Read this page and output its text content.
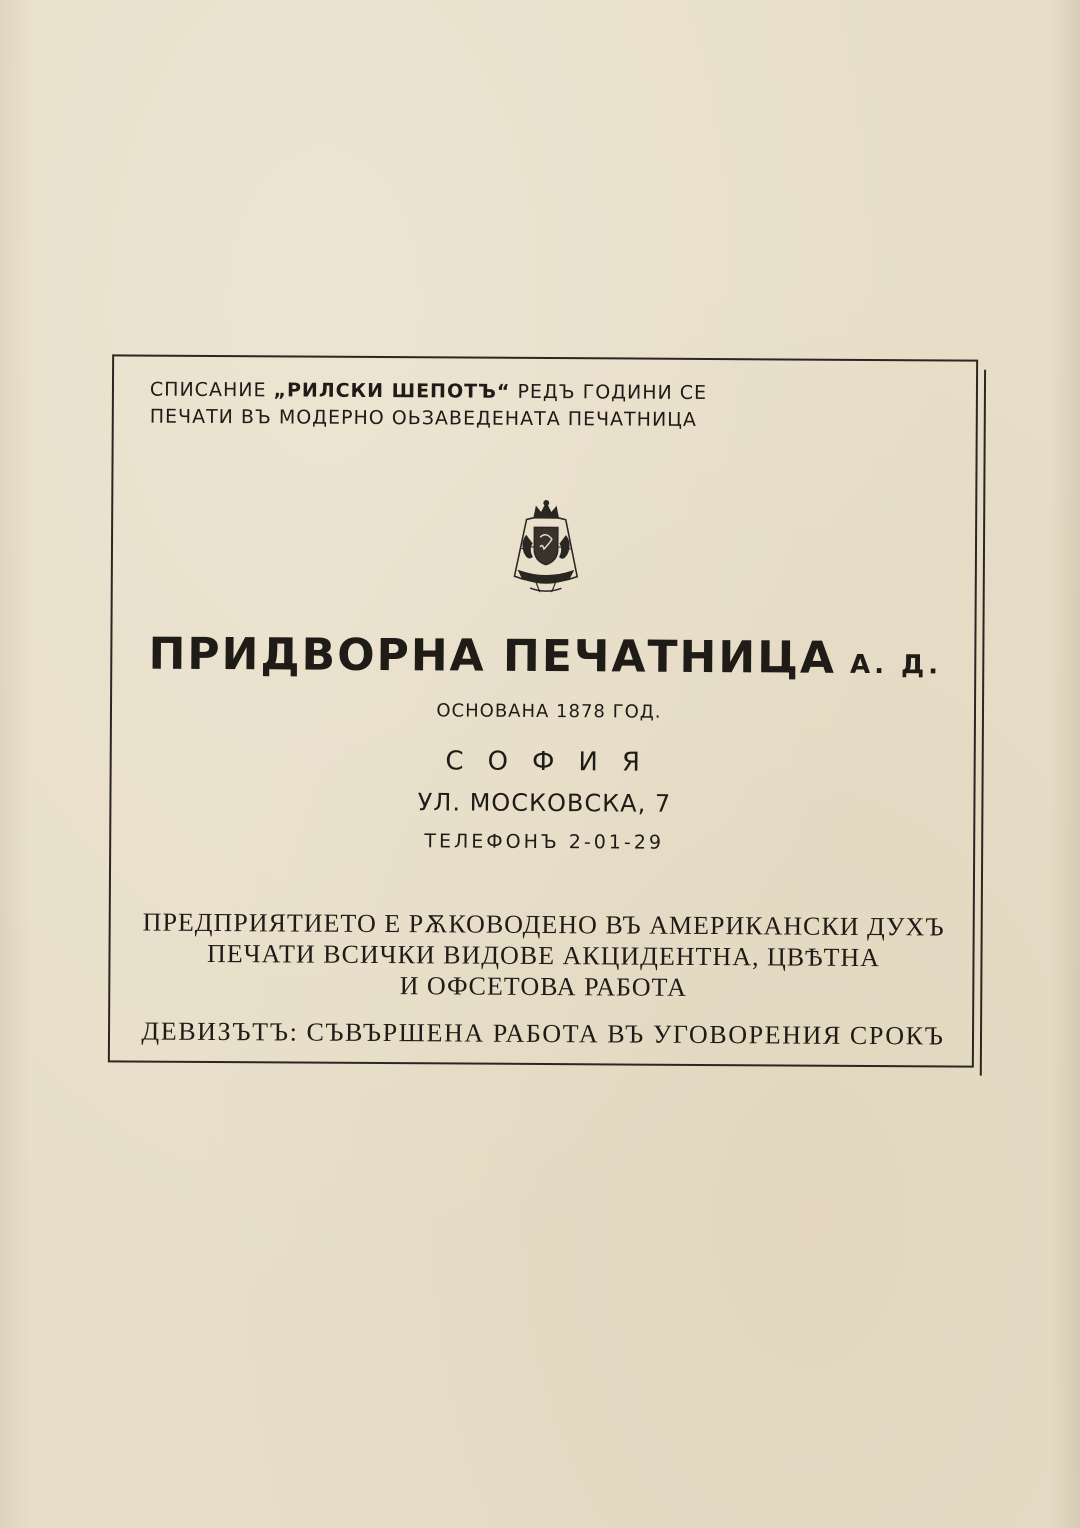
СПИСАНИЕ „РИЛСКИ ШЕПОТЪ“ РЕДЪ ГОДИНИ СЕ
ПЕЧАТИ ВЪ МОДЕРНО ОЬЗАВЕДЕНАТА ПЕЧАТНИЦА
ПРИДВОРНА ПЕЧАТНИЦА А. Д.
ОСНОВАНА 1878 ГОД.
СОФИЯ
УЛ. МОСКОВСКА, 7
ТЕЛЕФОНЪ 2-01-29
ПРЕДПРИЯТИЕТО Е РѪКОВОДЕНО ВЪ АМЕРИКАНСКИ ДУХЪ
ПЕЧАТИ ВСИЧКИ ВИДОВЕ АКЦИДЕНТНА, ЦВѢТНА
И ОФСЕТОВА РАБОТА
ДЕВИЗЪТЪ: СЪВЪРШЕНА РАБОТА ВЪ УГОВОРЕНИЯ СРОКЪ
